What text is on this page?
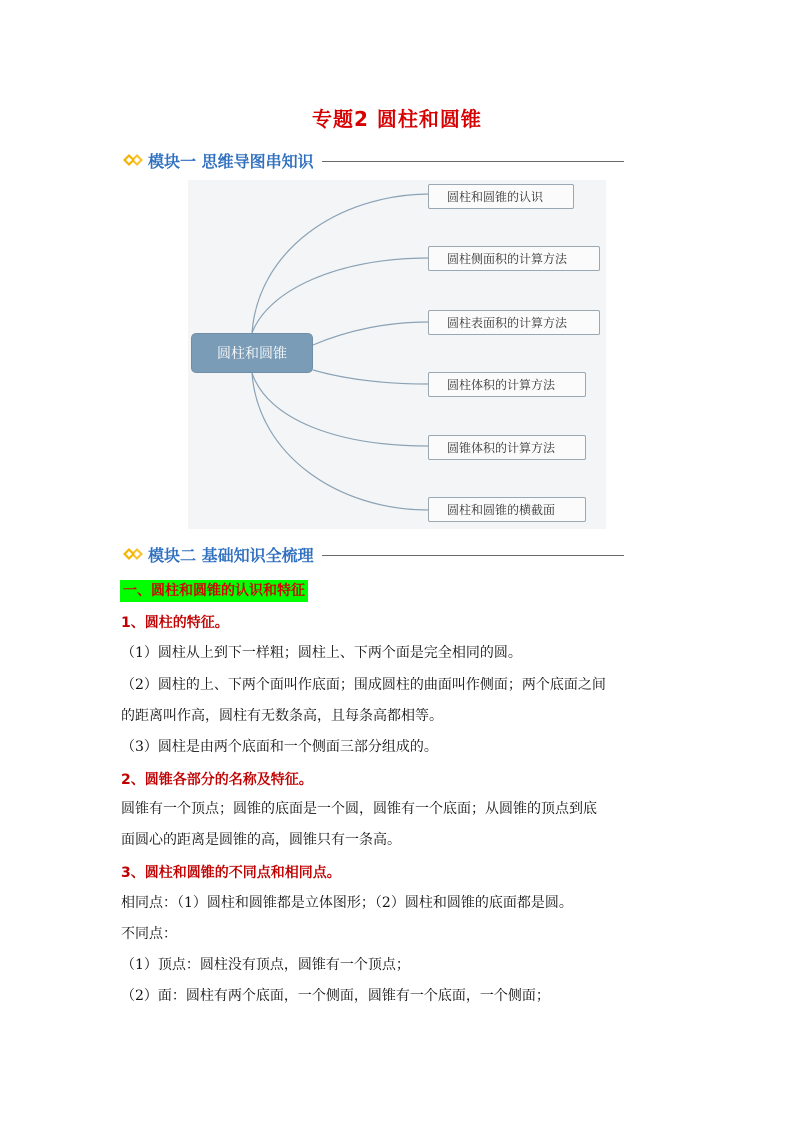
专题2 圆柱和圆锥
模块一 思维导图串知识
圆柱和圆锥
圆柱和圆锥的认识
圆柱侧面积的计算方法
圆柱表面积的计算方法
圆柱体积的计算方法
圆锥体积的计算方法
圆柱和圆锥的横截面
模块二 基础知识全梳理
一、圆柱和圆锥的认识和特征
1、圆柱的特征。
（1）圆柱从上到下一样粗；圆柱上、下两个面是完全相同的圆。
（2）圆柱的上、下两个面叫作底面；围成圆柱的曲面叫作侧面；两个底面之间
的距离叫作高，圆柱有无数条高，且每条高都相等。
（3）圆柱是由两个底面和一个侧面三部分组成的。
2、圆锥各部分的名称及特征。
圆锥有一个顶点；圆锥的底面是一个圆，圆锥有一个底面；从圆锥的顶点到底
面圆心的距离是圆锥的高，圆锥只有一条高。
3、圆柱和圆锥的不同点和相同点。
相同点：（1）圆柱和圆锥都是立体图形；（2）圆柱和圆锥的底面都是圆。
不同点：
（1）顶点：圆柱没有顶点，圆锥有一个顶点；
（2）面：圆柱有两个底面，一个侧面，圆锥有一个底面，一个侧面；
